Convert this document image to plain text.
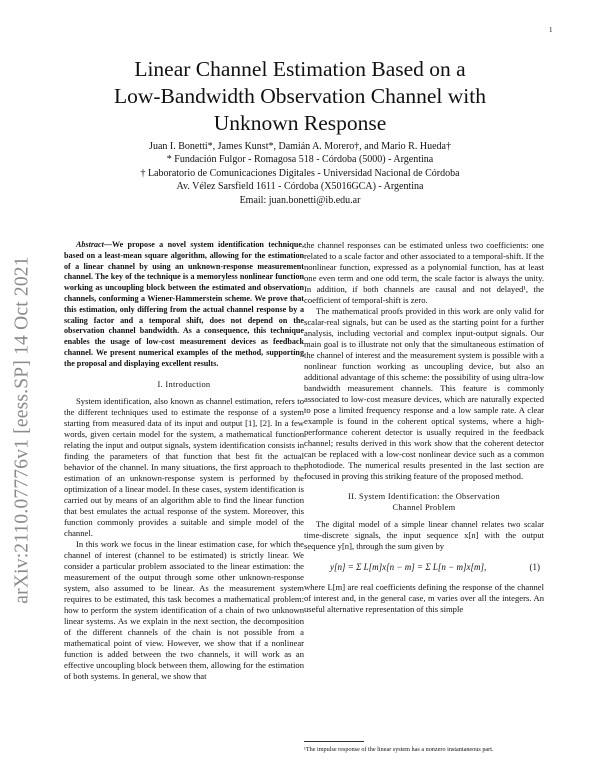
1
arXiv:2110.07776v1 [eess.SP] 14 Oct 2021
Linear Channel Estimation Based on a
Low-Bandwidth Observation Channel with
Unknown Response
Juan I. Bonetti*, James Kunst*, Damián A. Morero†, and Mario R. Hueda†
* Fundación Fulgor - Romagosa 518 - Córdoba (5000) - Argentina
† Laboratorio de Comunicaciones Digitales - Universidad Nacional de Córdoba
Av. Vélez Sarsfield 1611 - Córdoba (X5016GCA) - Argentina
Email: juan.bonetti@ib.edu.ar

Abstract—We propose a novel system identification technique, based on a least-mean square algorithm, allowing for the estimation of a linear channel by using an unknown-response measurement channel. The key of the technique is a memoryless nonlinear function working as uncoupling block between the estimated and observation channels, conforming a Wiener-Hammerstein scheme. We prove that this estimation, only differing from the actual channel response by a scaling factor and a temporal shift, does not depend on the observation channel bandwidth. As a consequence, this technique enables the usage of low-cost measurement devices as feedback channel. We present numerical examples of the method, supporting the proposal and displaying excellent results.

I. Introduction

System identification, also known as channel estimation, refers to the different techniques used to estimate the response of a system starting from measured data of its input and output [1], [2]. In a few words, given certain model for the system, a mathematical function relating the input and output signals, system identification consists in finding the parameters of that function that best fit the actual behavior of the channel. In many situations, the first approach to the estimation of an unknown-response system is performed by the optimization of a linear model. In these cases, system identification is carried out by means of an algorithm able to find the linear function that best emulates the actual response of the system. Moreover, this function commonly provides a suitable and simple model of the channel.

In this work we focus in the linear estimation case, for which the channel of interest (channel to be estimated) is strictly linear. We consider a particular problem associated to the linear estimation: the measurement of the output through some other unknown-response system, also assumed to be linear. As the measurement system requires to be estimated, this task becomes a mathematical problem: how to perform the system identification of a chain of two unknown linear systems. As we explain in the next section, the decomposition of the different channels of the chain is not possible from a mathematical point of view. However, we show that if a nonlinear function is added between the two channels, it will work as an effective uncoupling block between them, allowing for the estimation of both systems. In general, we show that

the channel responses can be estimated unless two coefficients: one related to a scale factor and other associated to a temporal-shift. If the nonlinear function, expressed as a polynomial function, has at least one even term and one odd term, the scale factor is always the unity. In addition, if both channels are causal and not delayed¹, the coefficient of temporal-shift is zero.

The mathematical proofs provided in this work are only valid for scalar-real signals, but can be used as the starting point for a further analysis, including vectorial and complex input-output signals. Our main goal is to illustrate not only that the simultaneous estimation of the channel of interest and the measurement system is possible with a nonlinear function working as uncoupling device, but also an additional advantage of this scheme: the possibility of using ultra-low bandwidth measurement channels. This feature is commonly associated to low-cost measure devices, which are naturally expected to pose a limited frequency response and a low sample rate. A clear example is found in the coherent optical systems, where a high-performance coherent detector is usually required in the feedback channel; results derived in this work show that the coherent detector can be replaced with a low-cost nonlinear device such as a common photodiode. The numerical results presented in the last section are focused in proving this striking feature of the proposed method.

II. System Identification: the Observation
Channel Problem

The digital model of a simple linear channel relates two scalar time-discrete signals, the input sequence x[n] with the output sequence y[n], through the sum given by

y[n] = Σ L[m]x[n − m] = Σ L[n − m]x[m],	(1)

where L[m] are real coefficients defining the response of the channel of interest and, in the general case, m varies over all the integers. An useful alternative representation of this simple

¹The impulse response of the linear system has a nonzero instantaneous part.
